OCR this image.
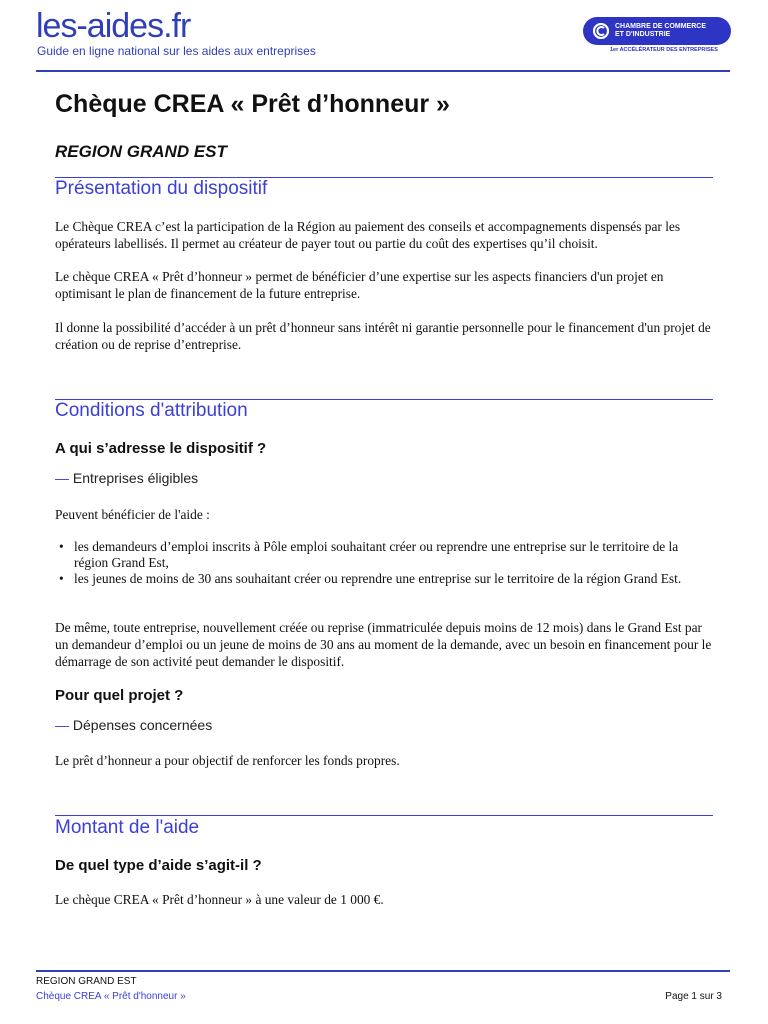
les-aides.fr
Guide en ligne national sur les aides aux entreprises
CHAMBRE DE COMMERCE
ET D'INDUSTRIE
1er ACCÉLÉRATEUR DES ENTREPRISES
Chèque CREA « Prêt d’honneur »
REGION GRAND EST
Présentation du dispositif

Le Chèque CREA c’est la participation de la Région au paiement des conseils et accompagnements dispensés par les opérateurs labellisés. Il permet au créateur de payer tout ou partie du coût des expertises qu’il choisit.

Le chèque CREA « Prêt d’honneur » permet de bénéficier d’une expertise sur les aspects financiers d'un projet en optimisant le plan de financement de la future entreprise.

Il donne la possibilité d’accéder à un prêt d’honneur sans intérêt ni garantie personnelle pour le financement d'un projet de création ou de reprise d’entreprise.

Conditions d'attribution
A qui s’adresse le dispositif ?
— Entreprises éligibles

Peuvent bénéficier de l'aide :

• les demandeurs d’emploi inscrits à Pôle emploi souhaitant créer ou reprendre une entreprise sur le territoire de la région Grand Est,
• les jeunes de moins de 30 ans souhaitant créer ou reprendre une entreprise sur le territoire de la région Grand Est.

De même, toute entreprise, nouvellement créée ou reprise (immatriculée depuis moins de 12 mois) dans le Grand Est par un demandeur d’emploi ou un jeune de moins de 30 ans au moment de la demande, avec un besoin en financement pour le démarrage de son activité peut demander le dispositif.

Pour quel projet ?
— Dépenses concernées

Le prêt d’honneur a pour objectif de renforcer les fonds propres.

Montant de l'aide
De quel type d’aide s’agit-il ?

Le chèque CREA « Prêt d’honneur » à une valeur de 1 000 €.

REGION GRAND EST
Chèque CREA « Prêt d'honneur »	Page 1 sur 3
